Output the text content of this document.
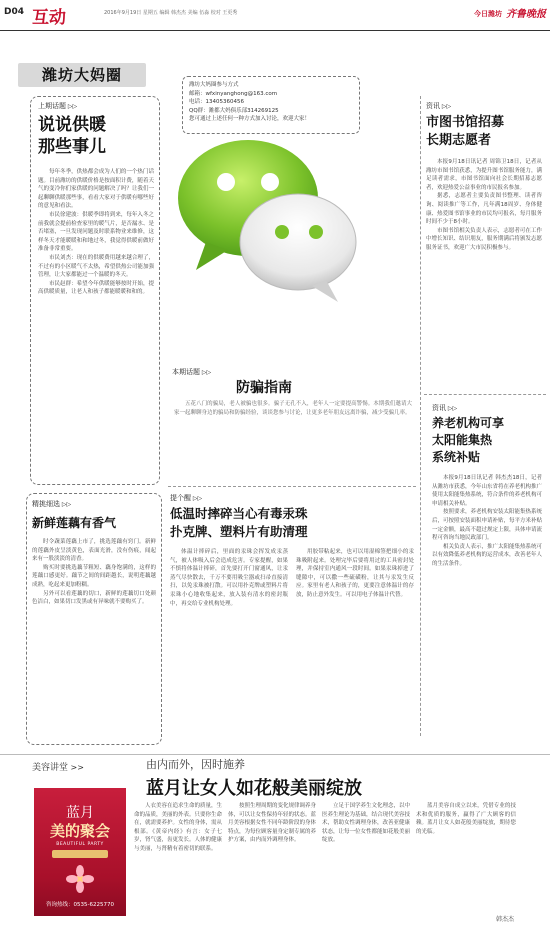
D04 互动	2016年9月19日 星期五 编辑 韩杰杰 美编 伍淼 校对 王更秀	今日潍坊 齐鲁晚报
潍坊大妈圈
潍坊大妈圈参与方式
邮箱：wfxinyanghong@163.com
电话：13405360456
QQ群：潍都大妈俱乐部314269125
您可通过上述任何一种方式加入讨论，欢迎大家！
上期话题 ▷▷
说说供暖
那些事儿

每年冬季，供热都会成为人们的一个热门话题。目前潍坊的供暖价格是按面积计费，随着天气的变冷你们家供暖的问题解决了吗？让我们一起聊聊供暖那些事，看看大家对于供暖有哪些好的意见和看法。

市民徐建波：供暖季即将到来，每年入冬之前我就会提前检查家里的暖气片，是否漏水、是否堵塞，一旦发现问题及时联系物业来维修，这样冬天才能暖暖和和地过冬，我觉得供暖前做好准备非常重要。

市民刘杰：现在的供暖费用越来越合理了，不过有的小区暖气不太热，希望供热公司能加强管理，让大家都能过一个温暖的冬天。

市民赵群：希望今年供暖能够按时开始，提高供暖质量，让老人和孩子都能暖暖和和的。

资讯 ▷▷
市图书馆招募
长期志愿者

本报9月18日讯记者 周锦卫18日，记者从潍坊市图书馆获悉，为提升图书馆服务能力，满足读者需求，市图书馆面向社会长期招募志愿者，欢迎热爱公益事业的市民报名参加。

据悉，志愿者主要负责图书整理、读者咨询、阅读推广等工作，凡年满18周岁、身体健康、热爱图书馆事业的市民均可报名，每月服务时间不少于8小时。

市图书馆相关负责人表示，志愿者可在工作中增长知识、结识朋友，服务期满后将颁发志愿服务证书，欢迎广大市民积极参与。

资讯 ▷▷
养老机构可享
太阳能集热
系统补贴

本报9月18日讯记者 韩杰杰18日，记者从潍坊市获悉，今年山东省将在养老机构推广使用太阳能集热系统，符合条件的养老机构可申请相关补贴。

按照要求，养老机构安装太阳能集热系统后，可按照安装面积申请补贴，每平方米补贴一定金额，最高不超过规定上限，具体申请流程可咨询当地民政部门。

相关负责人表示，推广太阳能集热系统可以有效降低养老机构的运营成本，改善老年人的生活条件。

本期话题 ▷▷
防骗指南
五花八门的骗局，老人被骗也很多。骗子无孔不入，老年人一定要提高警惕。本期我们邀请大家一起聊聊身边的骗局和防骗经验，谈谈您参与讨论，让更多老年朋友远离诈骗，减少受骗几率。
精挑细选 ▷▷
新鲜莲藕有香气

时令蔬菜莲藕上市了，挑选莲藕有窍门。新鲜的莲藕外皮呈淡黄色，表面光滑，没有伤痕，闻起来有一股淡淡的清香。

购买时要挑选藕节粗短、藕身饱满的，这样的莲藕口感更好。藕节之间的间距越长，说明莲藕越成熟，吃起来更加粉糯。

另外可以看莲藕的切口，新鲜的莲藕切口处颜色洁白，如果切口发黑或有异味就不要购买了。

提个醒 ▷▷
低温时摔碎当心有毒汞珠
扑克牌、塑料片有助清理
体温计摔碎后，里面的汞珠会挥发成汞蒸气，被人体吸入后会造成危害。专家提醒，如果不慎将体温计摔碎，首先要打开门窗通风，让汞蒸气尽快散去，千万不要用吸尘器或扫帚直接清扫，以免汞珠被打散。可以用扑克牌或塑料片将汞珠小心地收集起来，放入装有清水的密封瓶中，再交给专业机构处理。
用胶带粘起来，也可以用湿棉签把细小的汞珠吸附起来。处理完毕后要将用过的工具密封处理，并保持室内通风一段时间。如果汞珠掉进了缝隙中，可以撒一些硫磺粉，让其与汞发生反应。家里有老人和孩子的，更要注意体温计的存放，防止意外发生。可以用电子体温计代替。
美容讲堂 >>	由内而外，因时施养
蓝月让女人如花般美丽绽放
蓝月
美的聚会
BEAUTIFUL PARTY
咨询热线：0535-6225770
人衣美容在追求生命的质量，生命的品质，美丽的外表。只要你生命在，就需要养护。女性的身体，需从根部。《黄帝内经》有言：女子七岁，肾气盛，齿更发长。人体的健康与美丽，与肾精有着密切的联系。
按照生理周期的变化规律调养身体，可以让女性保持年轻的状态。蓝月美容根据女性不同年龄阶段的身体特点，为每位顾客量身定制专属的养护方案，由内而外调理身体。
立足于国学养生文化理念，以中医养生理论为基础，结合现代美容技术，帮助女性调理身体，改善亚健康状态，让每一位女性都能如花般美丽绽放。
蓝月美容自成立以来，凭借专业的技术和优质的服务，赢得了广大顾客的信赖。蓝月让女人如花般美丽绽放，期待您的光临。
韩杰杰
